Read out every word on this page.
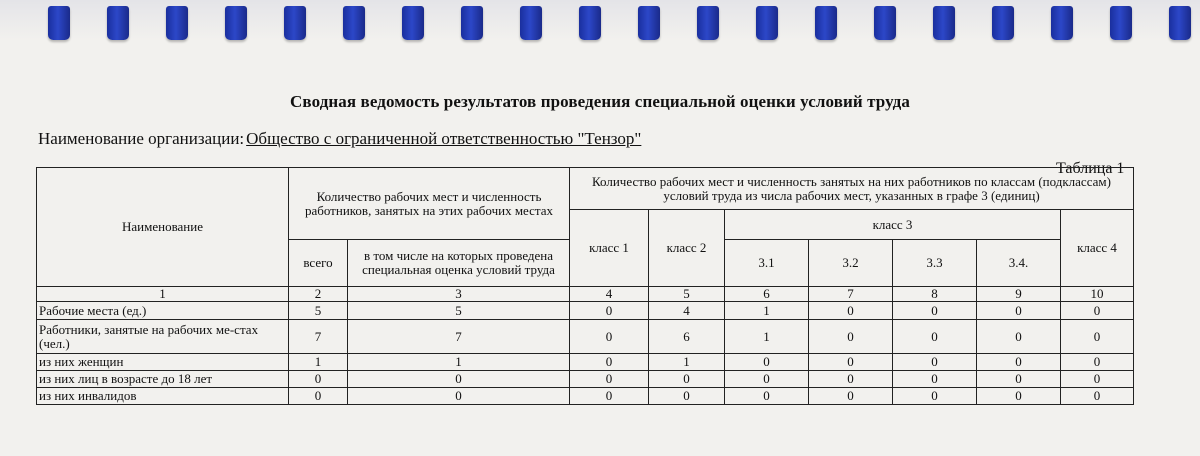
Сводная ведомость результатов проведения специальной оценки условий труда
Наименование организации: Общество с ограниченной ответственностью "Тензор"
Таблица 1
Наименование	Количество рабочих мест и численность работников, занятых на этих рабочих местах		Количество рабочих мест и численность занятых на них работников по классам (подклассам) условий труда из числа рабочих мест, указанных в графе 3 (единиц)						
			класс 1	класс 2	класс 3				класс 4
	всего	в том числе на которых проведена специальная оценка условий труда			3.1	3.2	3.3	3.4.	
1	2	3	4	5	6	7	8	9	10
Рабочие места (ед.)	5	5	0	4	1	0	0	0	0
Работники, занятые на рабочих ме-стах (чел.)	7	7	0	6	1	0	0	0	0
из них женщин	1	1	0	1	0	0	0	0	0
из них лиц в возрасте до 18 лет	0	0	0	0	0	0	0	0	0
из них инвалидов	0	0	0	0	0	0	0	0	0
